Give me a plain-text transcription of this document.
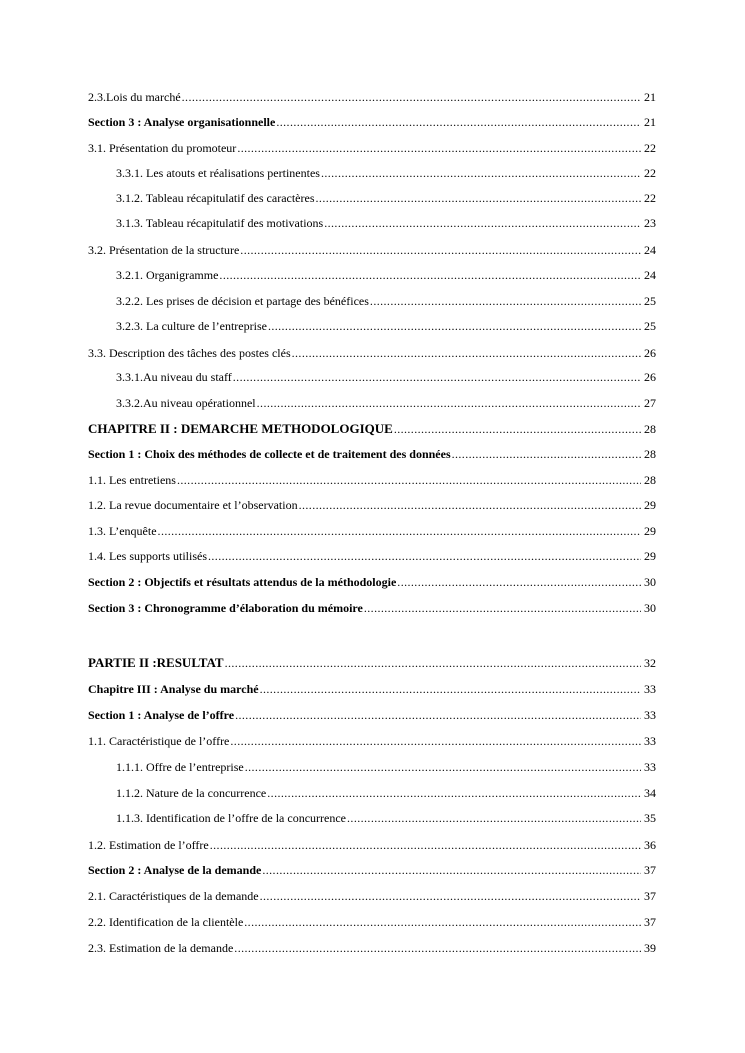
2.3.Lois du marché .....	21
Section 3 : Analyse organisationnelle .....	21
3.1. Présentation du promoteur .....	22
3.3.1. Les atouts et réalisations pertinentes .....	22
3.1.2. Tableau récapitulatif des caractères .....	22
3.1.3. Tableau récapitulatif des motivations .....	23
3.2. Présentation de la structure .....	24
3.2.1. Organigramme .....	24
3.2.2. Les prises de décision et partage des bénéfices .....	25
3.2.3. La culture de l’entreprise .....	25
3.3. Description des tâches des postes clés .....	26
3.3.1.Au niveau du staff .....	26
3.3.2.Au niveau opérationnel .....	27
CHAPITRE II : DEMARCHE METHODOLOGIQUE .....	28
Section 1 : Choix des méthodes de collecte et de traitement des données .....	28
1.1. Les entretiens .....	28
1.2. La revue documentaire et l’observation .....	29
1.3. L’enquête .....	29
1.4. Les supports utilisés .....	29
Section 2 : Objectifs et résultats attendus de la méthodologie .....	30
Section 3 : Chronogramme d’élaboration du mémoire .....	30
PARTIE II :RESULTAT .....	32
Chapitre III : Analyse du marché .....	33
Section 1 : Analyse de l’offre .....	33
1.1. Caractéristique de l’offre .....	33
1.1.1. Offre de l’entreprise .....	33
1.1.2. Nature de la concurrence .....	34
1.1.3. Identification de l’offre de la concurrence .....	35
1.2. Estimation de l’offre .....	36
Section 2 : Analyse de la demande .....	37
2.1. Caractéristiques de la demande .....	37
2.2. Identification de la clientèle .....	37
2.3. Estimation de la demande .....	39
